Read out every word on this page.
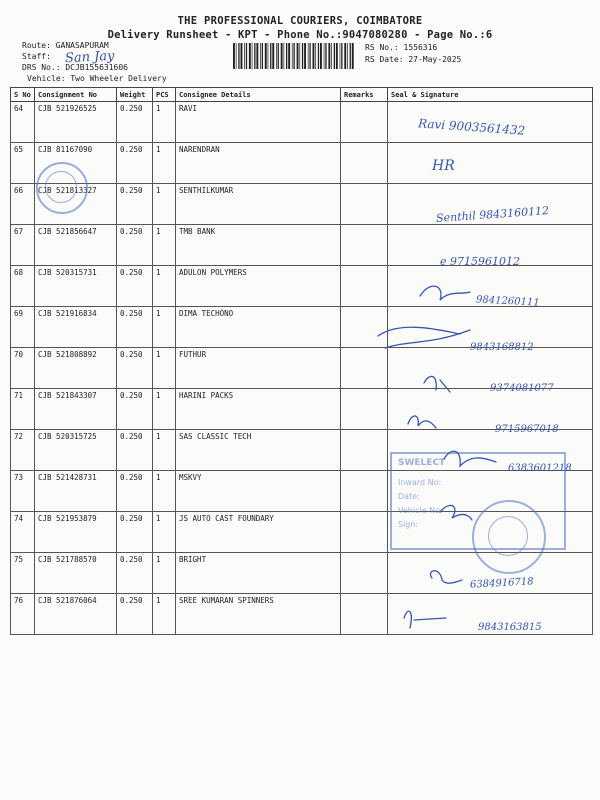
THE PROFESSIONAL COURIERS, COIMBATORE
Delivery Runsheet - KPT - Phone No.:9047080280 - Page No.:6
Route: GANASAPURAM
Staff: San Jay
DRS No.: DCJB155631606
Vehicle: Two Wheeler Delivery
RS No.: 1556316
RS Date: 27-May-2025
S No	Consignment No	Weight	PCS	Consignee Details	Remarks	Seal & Signature
64	CJB 521926525	0.250	1	RAVI		
65	CJB 81167090	0.250	1	NARENDRAN		
66	CJB 521813327	0.250	1	SENTHILKUMAR		
67	CJB 521856647	0.250	1	TMB BANK		
68	CJB 520315731	0.250	1	ADULON POLYMERS		
69	CJB 521916834	0.250	1	DIMA TECHONO		
70	CJB 521808892	0.250	1	FUTHUR		
71	CJB 521843307	0.250	1	HARINI PACKS		
72	CJB 520315725	0.250	1	SAS CLASSIC TECH		
73	CJB 521428731	0.250	1	MSKVY		
74	CJB 521953879	0.250	1	JS AUTO CAST FOUNDARY		
75	CJB 521788570	0.250	1	BRIGHT		
76	CJB 521876064	0.250	1	SREE KUMARAN SPINNERS		
SWELECT
Inward No:
Date:
Vehicle No:
Sign:
Ravi 9003561432
HR
Senthil 9843160112
e 9715961012
9841260111
9843168812
9374081077
9715967018
6383601218
6384916718
9843163815
